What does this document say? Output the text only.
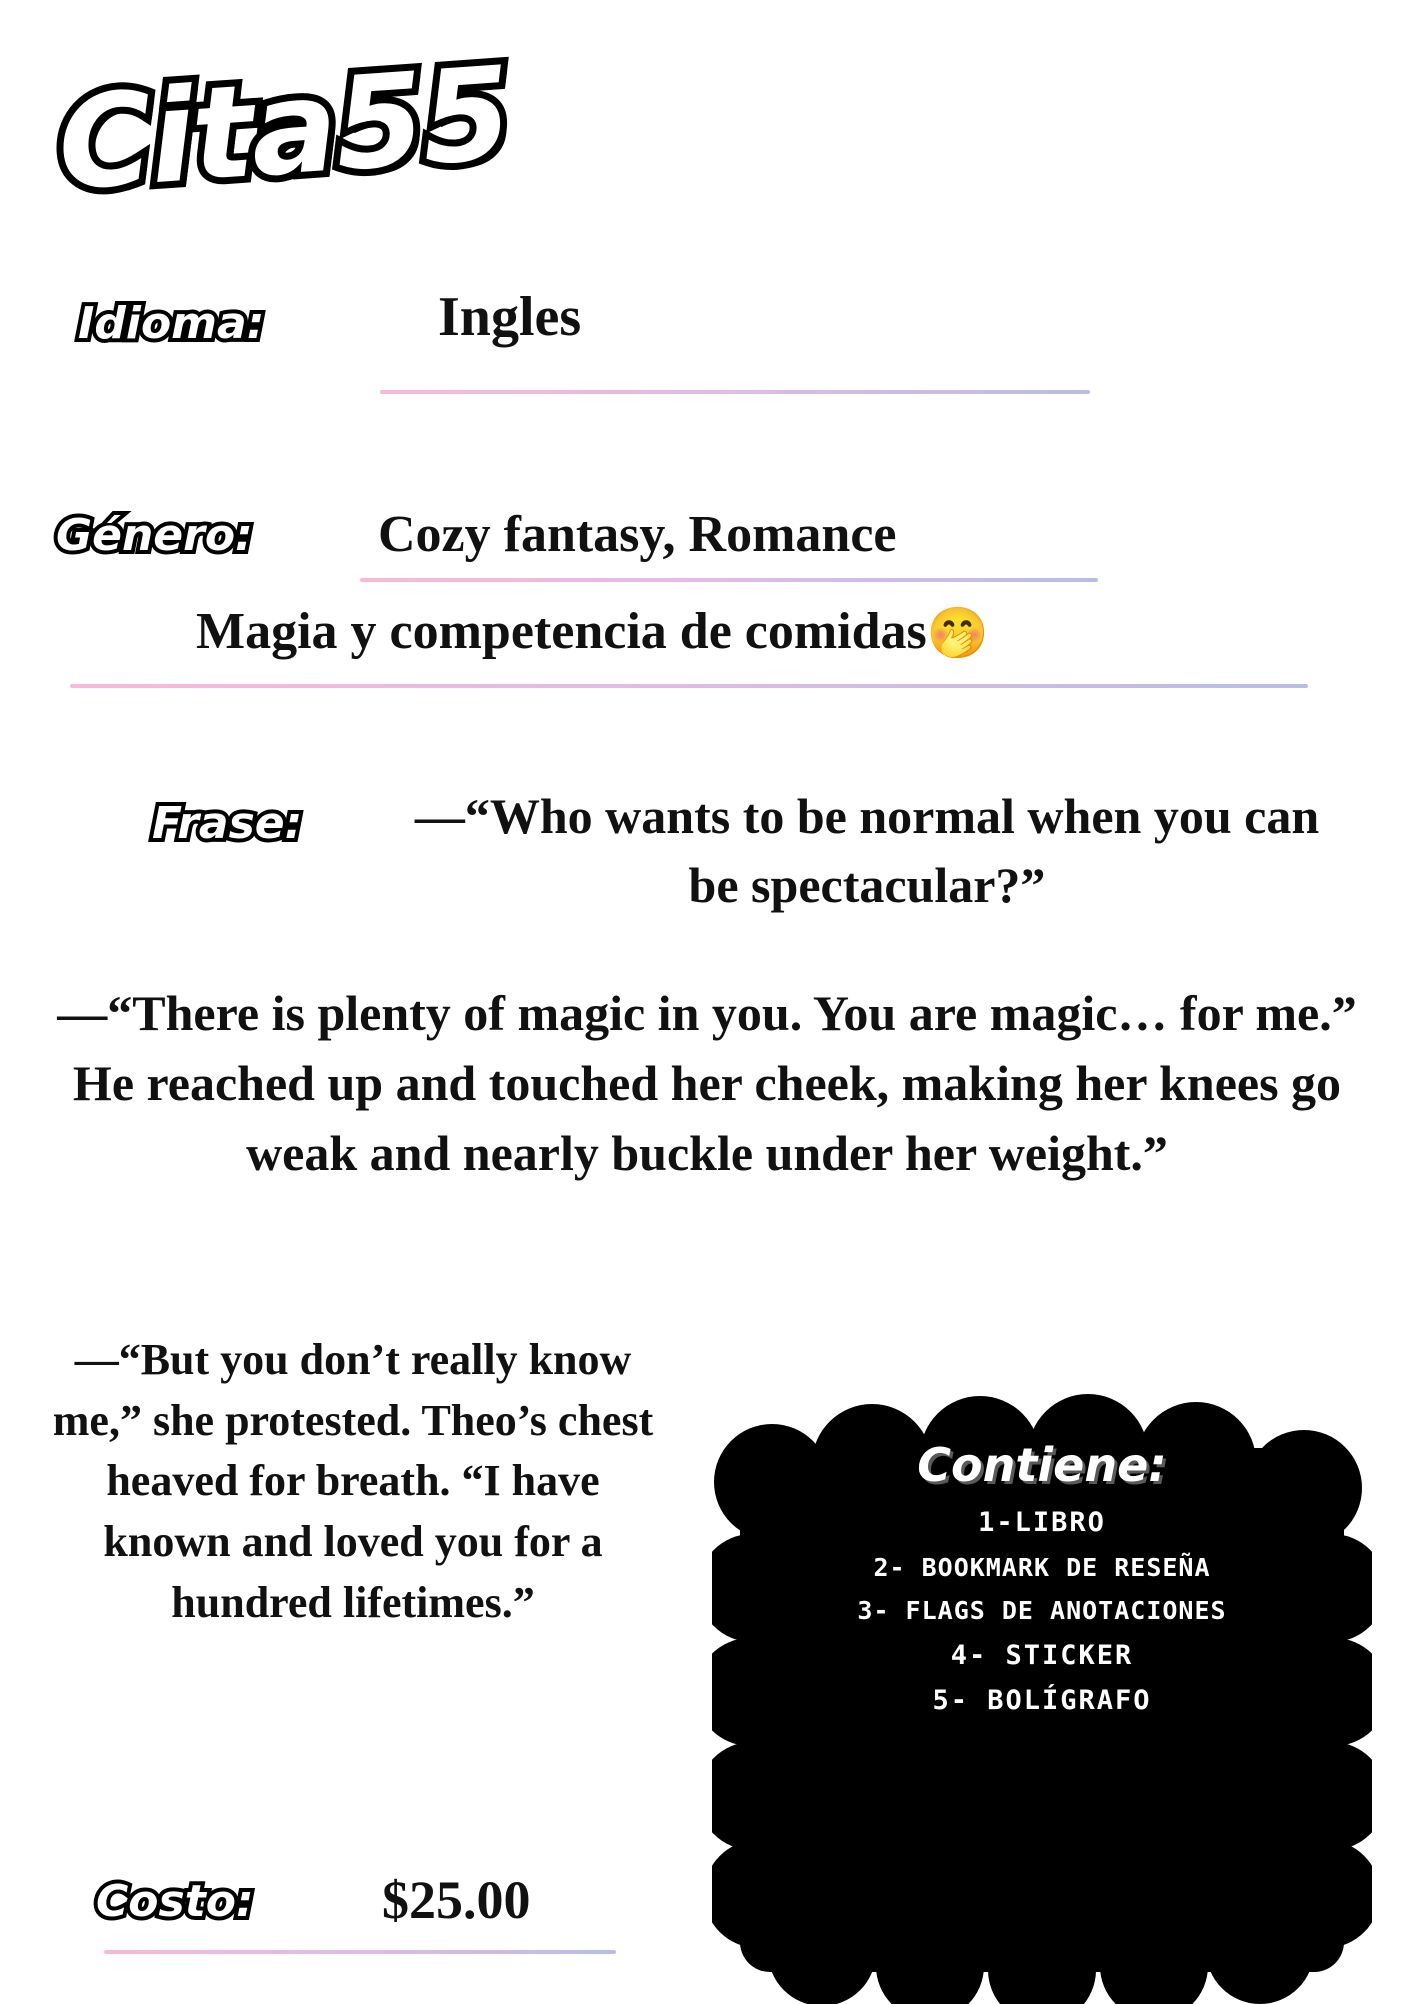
Cita55
Idioma:	Ingles
Género: Cozy fantasy, Romance
Magia y competencia de comidas 🤭
Frase: —“Who wants to be normal when you can be spectacular?”
—“There is plenty of magic in you. You are magic… for me.” He reached up and touched her cheek, making her knees go weak and nearly buckle under her weight.”
—“But you don’t really know me,” she protested. Theo’s chest heaved for breath. “I have known and loved you for a hundred lifetimes.”
Costo: $25.00
Contiene:
1-LIBRO
2- BOOKMARK DE RESEÑA
3- FLAGS DE ANOTACIONES
4- STICKER
5- BOLÍGRAFO
